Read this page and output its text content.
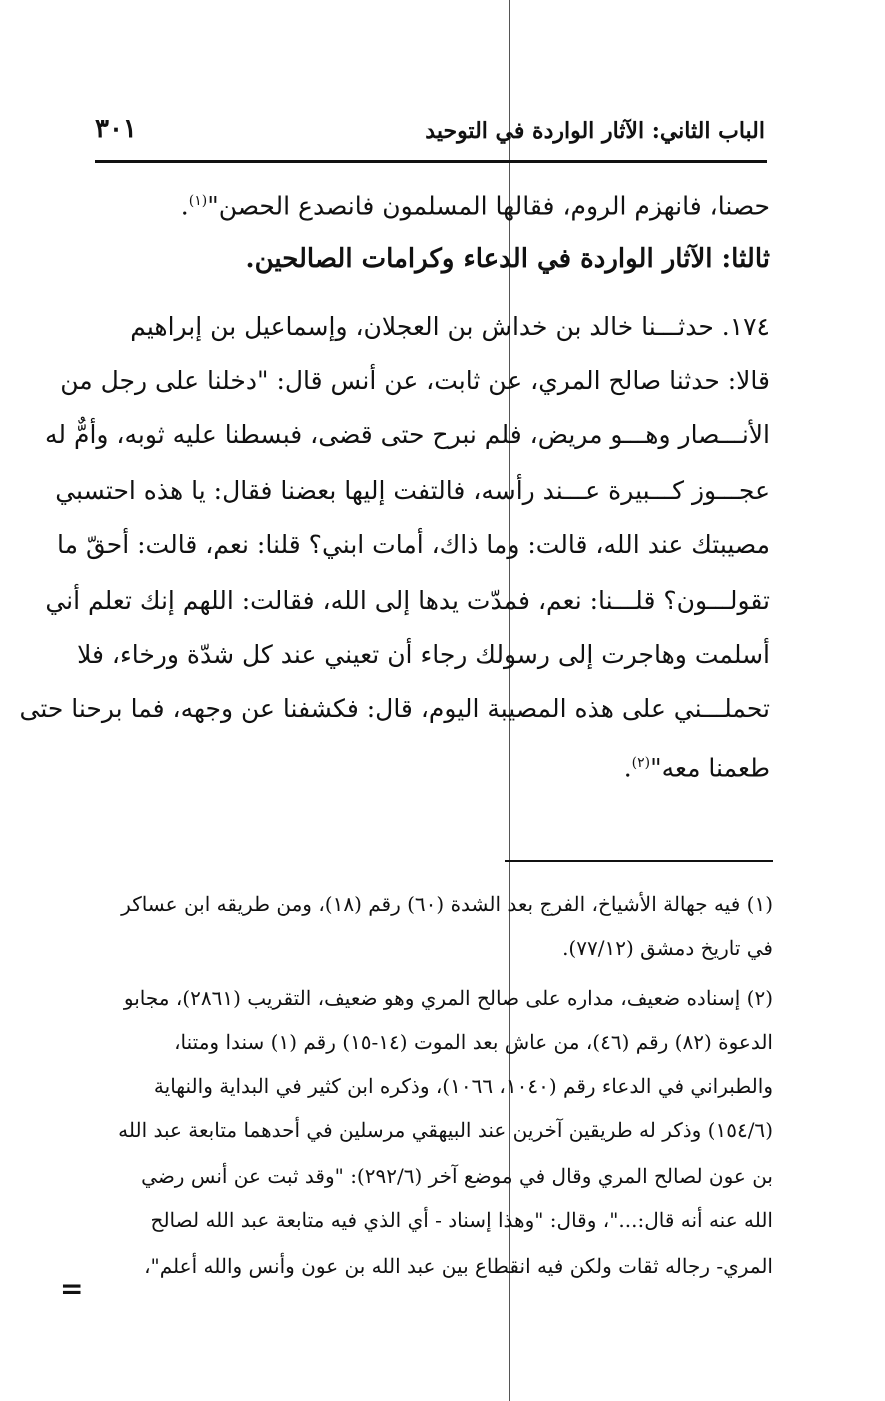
الباب الثاني: الآثار الواردة في التوحيد
٣٠١
حصنا، فانهزم الروم، فقالها المسلمون فانصدع الحصن"$^{(١)}$.
ثالثا: الآثار الواردة في الدعاء وكرامات الصالحين.
١٧٤. حدثـــنا خالد بن خداش بن العجلان، وإسماعيل بن إبراهيم
قالا: حدثنا صالح المري، عن ثابت، عن أنس قال: "دخلنا على رجل من
الأنـــصار وهـــو مريض، فلم نبرح حتى قضى، فبسطنا عليه ثوبه، وأمٌّ له
عجـــوز كـــبيرة عـــند رأسه، فالتفت إليها بعضنا فقال: يا هذه احتسبي
مصيبتك عند الله، قالت: وما ذاك، أمات ابني؟ قلنا: نعم، قالت: أحقّ ما
تقولـــون؟ قلـــنا: نعم، فمدّت يدها إلى الله، فقالت: اللهم إنك تعلم أني
أسلمت وهاجرت إلى رسولك رجاء أن تعيني عند كل شدّة ورخاء، فلا
تحملـــني على هذه المصيبة اليوم، قال: فكشفنا عن وجهه، فما برحنا حتى
طعمنا معه"$^{(٢)}$.
(١) فيه جهالة الأشياخ، الفرج بعد الشدة (٦٠) رقم (١٨)، ومن طريقه ابن عساكر
في تاريخ دمشق (٧٧/١٢).
(٢) إسناده ضعيف، مداره على صالح المري وهو ضعيف، التقريب (٢٨٦١)، مجابو
الدعوة (٨٢) رقم (٤٦)، من عاش بعد الموت (١٤-١٥) رقم (١) سندا ومتنا،
والطبراني في الدعاء رقم (١٠٤٠، ١٠٦٦)، وذكره ابن كثير في البداية والنهاية
(١٥٤/٦) وذكر له طريقين آخرين عند البيهقي مرسلين في أحدهما متابعة عبد الله
بن عون لصالح المري وقال في موضع آخر (٢٩٢/٦): "وقد ثبت عن أنس رضي
الله عنه أنه قال:..."، وقال: "وهذا إسناد - أي الذي فيه متابعة عبد الله لصالح
المري- رجاله ثقات ولكن فيه انقطاع بين عبد الله بن عون وأنس والله أعلم"،
=
